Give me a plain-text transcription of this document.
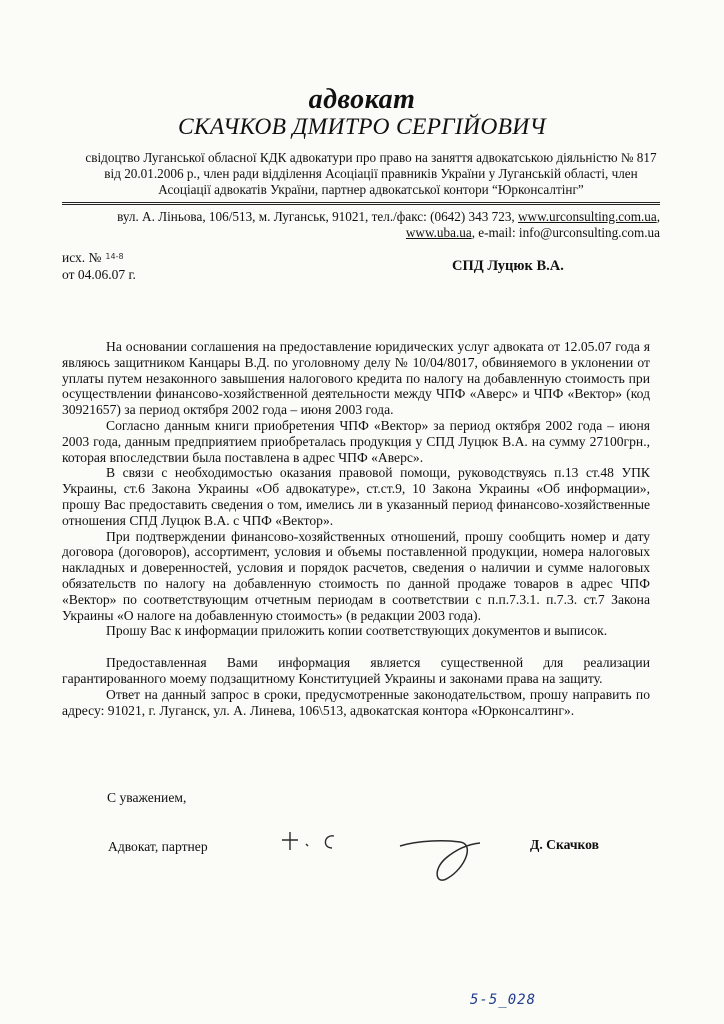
адвокат
СКАЧКОВ ДМИТРО СЕРГІЙОВИЧ
свідоцтво Луганської обласної КДК адвокатури про право на заняття адвокатською діяльністю № 817 від 20.01.2006 р., член ради відділення Асоціації правників України у Луганській області, член Асоціації адвокатів України, партнер адвокатської контори “Юрконсалтінг”
вул. А. Ліньова, 106/513, м. Луганськ, 91021, тел./факс: (0642) 343 723, www.urconsulting.com.ua,
www.uba.ua, e-mail: info@urconsulting.com.ua
исх. № $^{14-8}$
от 04.06.07 г.
СПД Луцюк В.А.

На основании соглашения на предоставление юридических услуг адвоката от 12.05.07 года я являюсь защитником Канцары В.Д. по уголовному делу № 10/04/8017, обвиняемого в уклонении от уплаты путем незаконного завышения налогового кредита по налогу на добавленную стоимость при осуществлении финансово-хозяйственной деятельности между ЧПФ «Аверс» и ЧПФ «Вектор» (код 30921657) за период октября 2002 года – июня 2003 года.

Согласно данным книги приобретения ЧПФ «Вектор» за период октября 2002 года – июня 2003 года, данным предприятием приобреталась продукция у СПД Луцюк В.А. на сумму 27100грн., которая впоследствии была поставлена в адрес ЧПФ «Аверс».

В связи с необходимостью оказания правовой помощи, руководствуясь п.13 ст.48 УПК Украины, ст.6 Закона Украины «Об адвокатуре», ст.ст.9, 10 Закона Украины «Об информации», прошу Вас предоставить сведения о том, имелись ли в указанный период финансово-хозяйственные отношения СПД Луцюк В.А. с ЧПФ «Вектор».

При подтверждении финансово-хозяйственных отношений, прошу сообщить номер и дату договора (договоров), ассортимент, условия и объемы поставленной продукции, номера налоговых накладных и доверенностей, условия и порядок расчетов, сведения о наличии и сумме налоговых обязательств по налогу на добавленную стоимость по данной продаже товаров в адрес ЧПФ «Вектор» по соответствующим отчетным периодам в соответствии с п.п.7.3.1. п.7.3. ст.7 Закона Украины «О налоге на добавленную стоимость» (в редакции 2003 года).

Прошу Вас к информации приложить копии соответствующих документов и выписок.

Предоставленная Вами информация является существенной для реализации гарантированного моему подзащитному Конституцией Украины и законами права на защиту.

Ответ на данный запрос в сроки, предусмотренные законодательством, прошу направить по адресу: 91021, г. Луганск, ул. А. Линева, 106\513, адвокатская контора «Юрконсалтинг».

С уважением,
Адвокат, партнер	Д. Скачков
5-5_028
